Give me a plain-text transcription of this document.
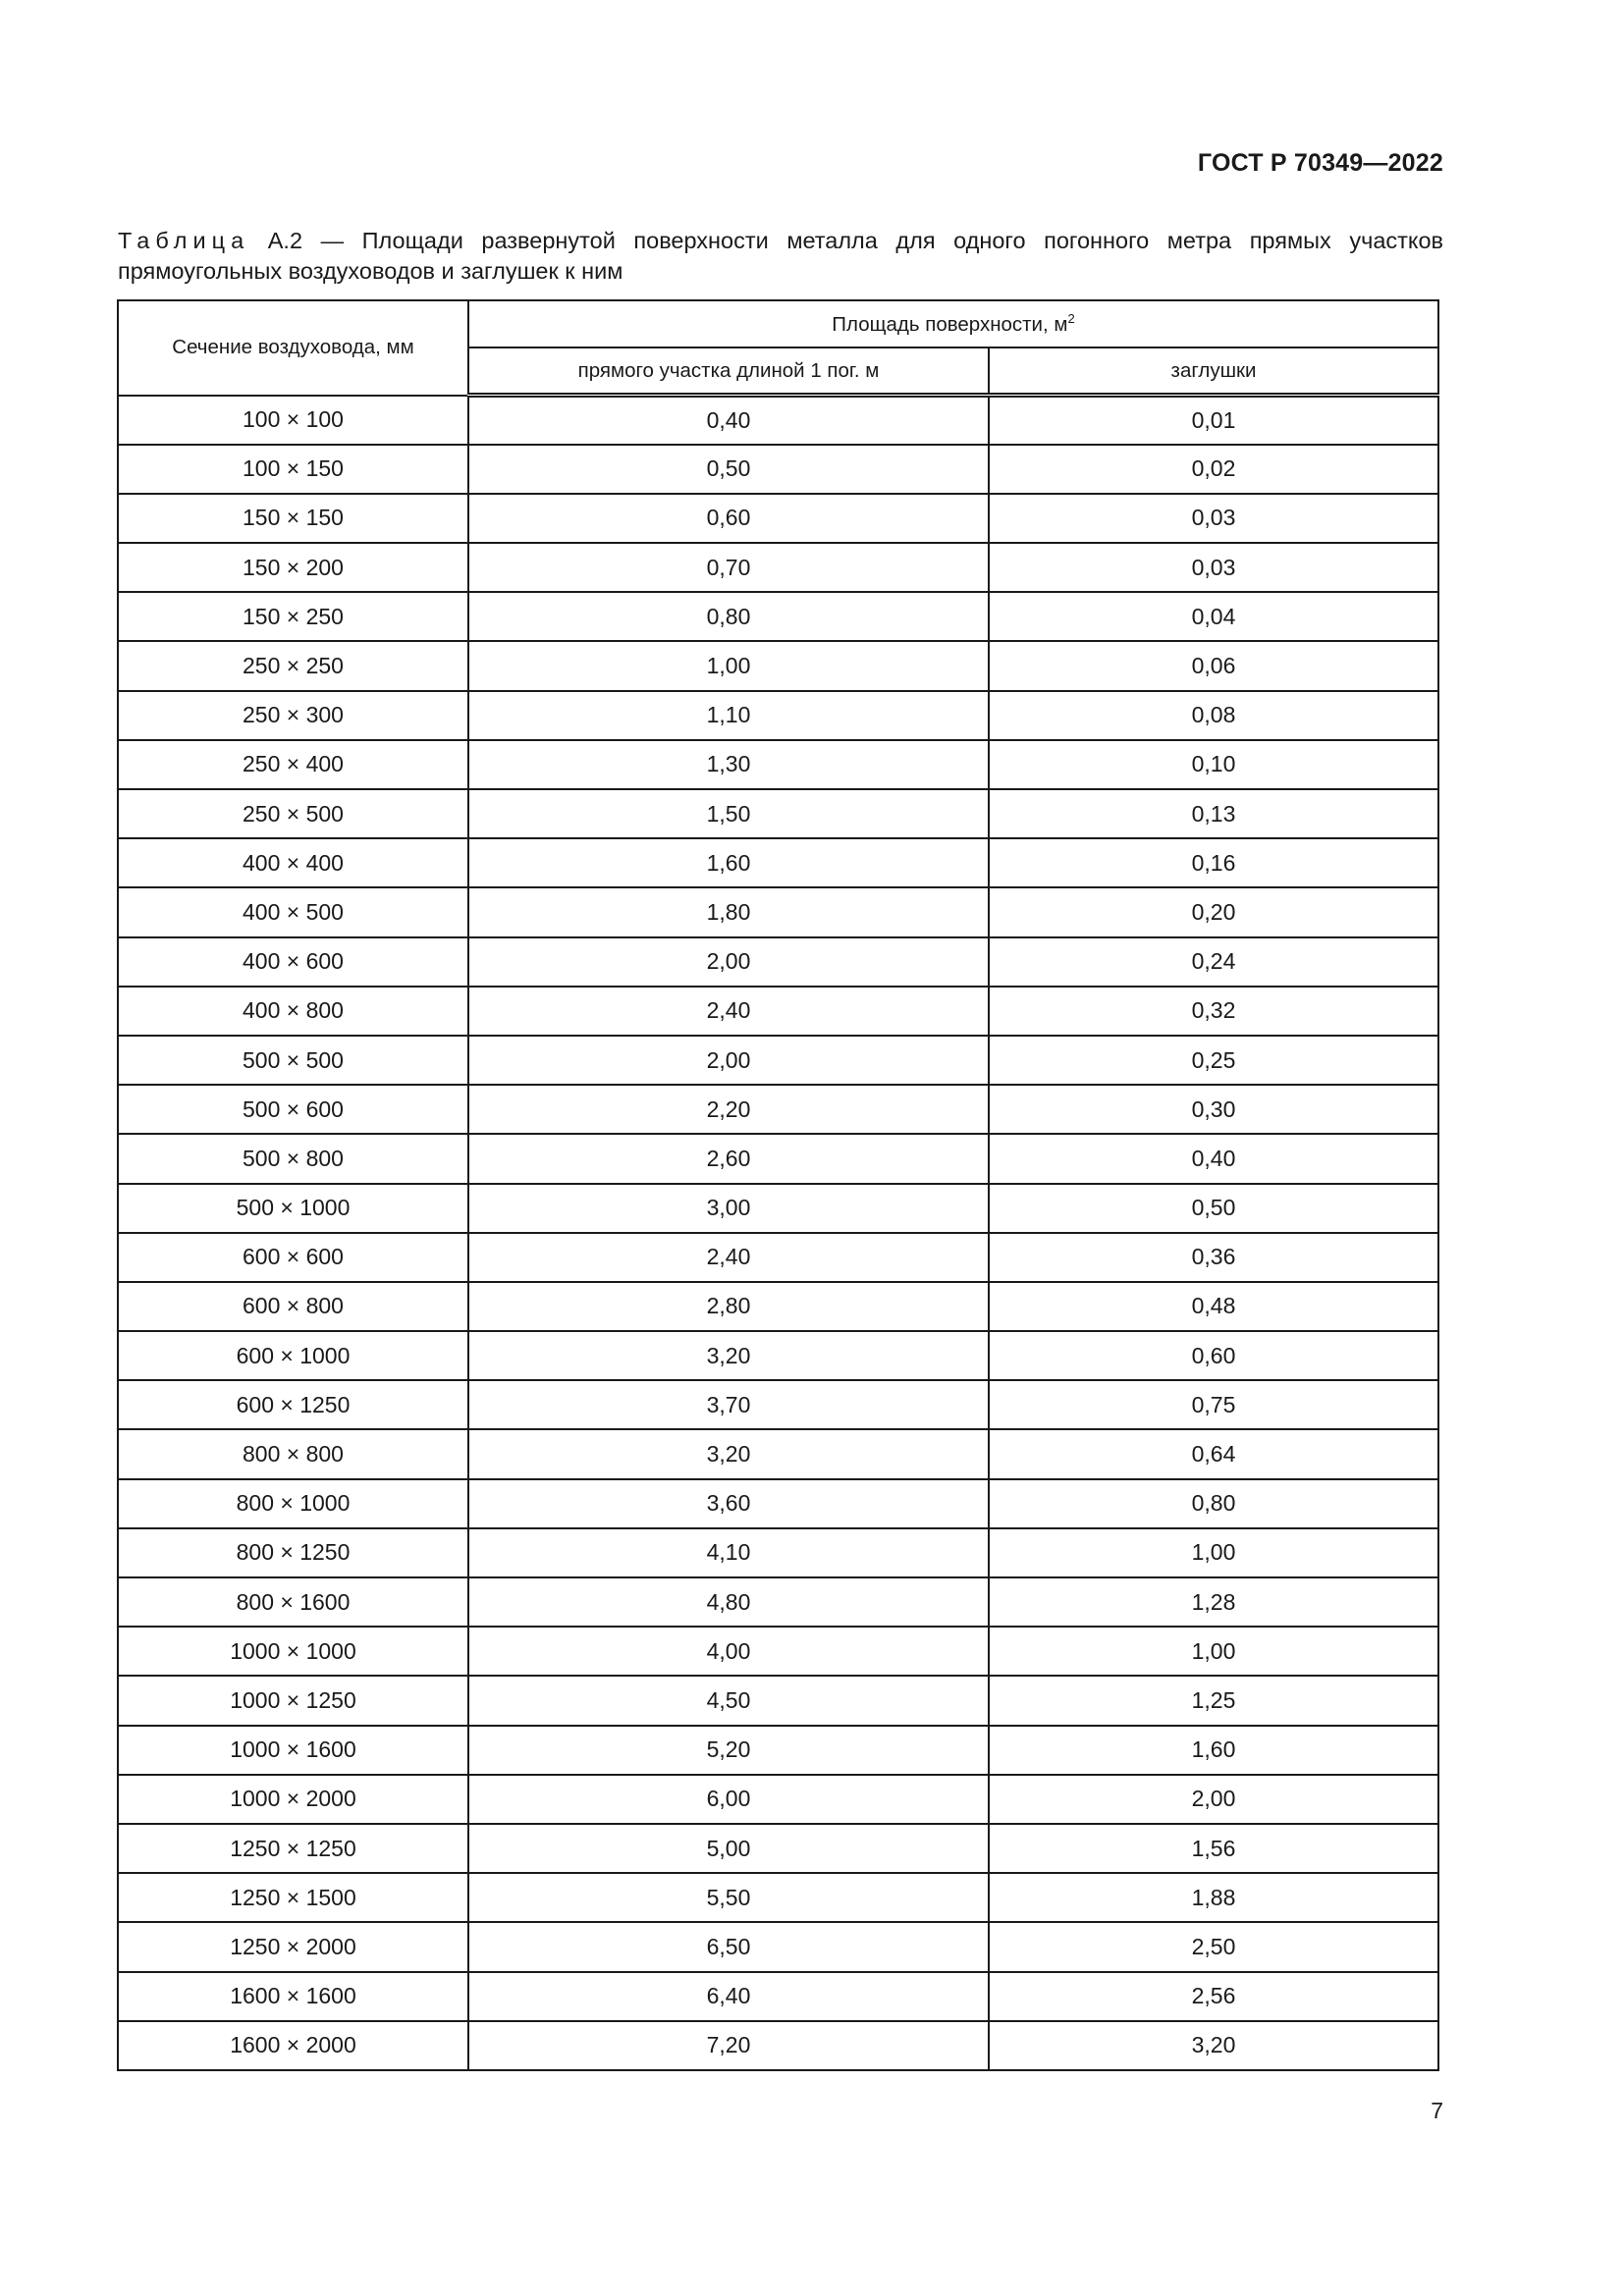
ГОСТ Р 70349—2022
Таблица А.2 — Площади развернутой поверхности металла для одного погонного метра прямых участков прямоугольных воздуховодов и заглушек к ним
Сечение воздуховода, мм	Площадь поверхности, $м^2$
	прямого участка длиной 1 пог. м	заглушки
100 × 100	0,40	0,01
100 × 150	0,50	0,02
150 × 150	0,60	0,03
150 × 200	0,70	0,03
150 × 250	0,80	0,04
250 × 250	1,00	0,06
250 × 300	1,10	0,08
250 × 400	1,30	0,10
250 × 500	1,50	0,13
400 × 400	1,60	0,16
400 × 500	1,80	0,20
400 × 600	2,00	0,24
400 × 800	2,40	0,32
500 × 500	2,00	0,25
500 × 600	2,20	0,30
500 × 800	2,60	0,40
500 × 1000	3,00	0,50
600 × 600	2,40	0,36
600 × 800	2,80	0,48
600 × 1000	3,20	0,60
600 × 1250	3,70	0,75
800 × 800	3,20	0,64
800 × 1000	3,60	0,80
800 × 1250	4,10	1,00
800 × 1600	4,80	1,28
1000 × 1000	4,00	1,00
1000 × 1250	4,50	1,25
1000 × 1600	5,20	1,60
1000 × 2000	6,00	2,00
1250 × 1250	5,00	1,56
1250 × 1500	5,50	1,88
1250 × 2000	6,50	2,50
1600 × 1600	6,40	2,56
1600 × 2000	7,20	3,20
7
